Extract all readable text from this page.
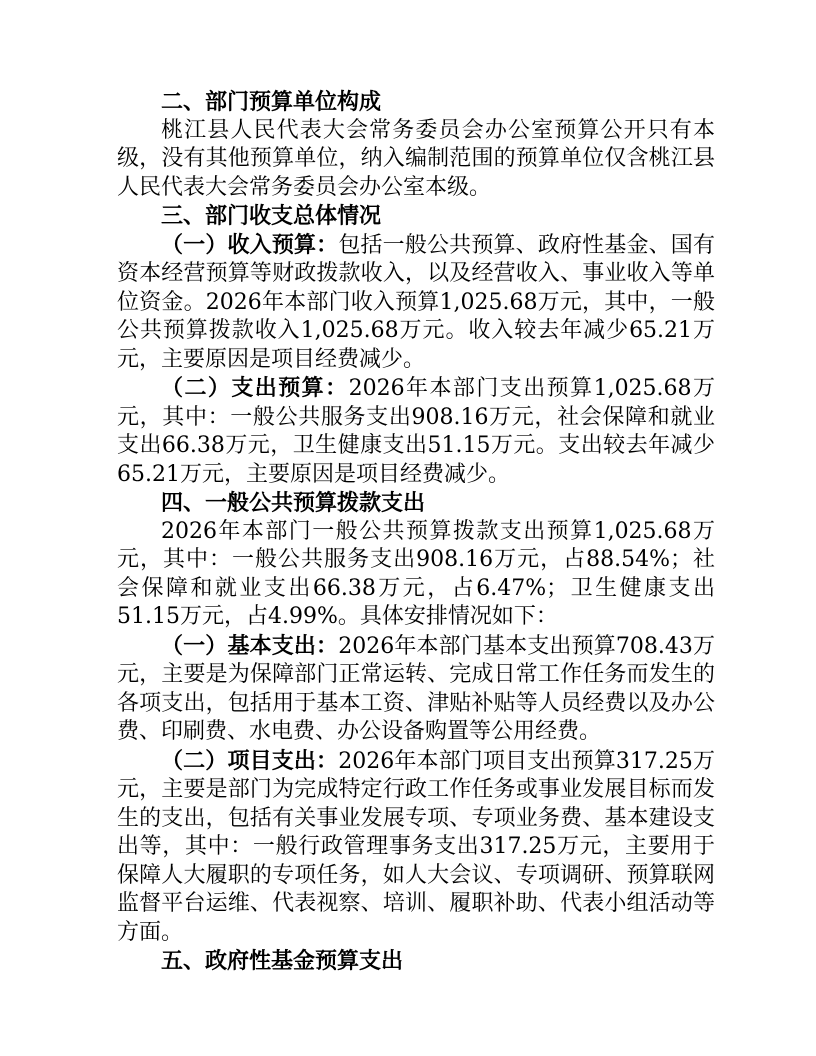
二、部门预算单位构成

桃江县人民代表大会常务委员会办公室预算公开只有本级，没有其他预算单位，纳入编制范围的预算单位仅含桃江县人民代表大会常务委员会办公室本级。

三、部门收支总体情况

（一）收入预算：包括一般公共预算、政府性基金、国有资本经营预算等财政拨款收入，以及经营收入、事业收入等单位资金。2026年本部门收入预算1,025.68万元，其中，一般公共预算拨款收入1,025.68万元。收入较去年减少65.21万元，主要原因是项目经费减少。

（二）支出预算：2026年本部门支出预算1,025.68万元，其中：一般公共服务支出908.16万元，社会保障和就业支出66.38万元，卫生健康支出51.15万元。支出较去年减少65.21万元，主要原因是项目经费减少。

四、一般公共预算拨款支出

2026年本部门一般公共预算拨款支出预算1,025.68万元，其中：一般公共服务支出908.16万元，占88.54%；社会保障和就业支出66.38万元，占6.47%；卫生健康支出51.15万元，占4.99%。具体安排情况如下：

（一）基本支出：2026年本部门基本支出预算708.43万元，主要是为保障部门正常运转、完成日常工作任务而发生的各项支出，包括用于基本工资、津贴补贴等人员经费以及办公费、印刷费、水电费、办公设备购置等公用经费。

（二）项目支出：2026年本部门项目支出预算317.25万元，主要是部门为完成特定行政工作任务或事业发展目标而发生的支出，包括有关事业发展专项、专项业务费、基本建设支出等，其中：一般行政管理事务支出317.25万元，主要用于保障人大履职的专项任务，如人大会议、专项调研、预算联网监督平台运维、代表视察、培训、履职补助、代表小组活动等方面。

五、政府性基金预算支出
